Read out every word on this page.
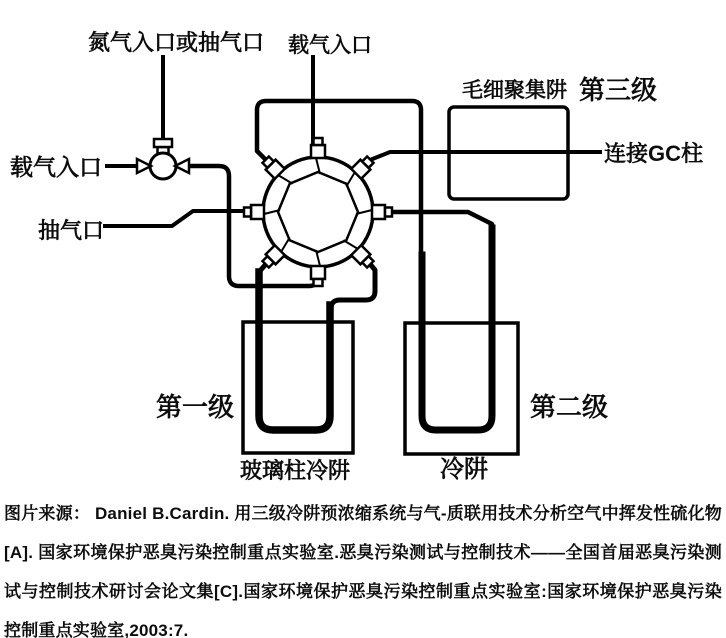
氮气入口或抽气口 载气入口
载气入口
抽气口
毛细聚集阱 第三级
连接GC柱
第一级	第二级
玻璃柱冷阱	冷阱
图片来源： Daniel B.Cardin. 用三级冷阱预浓缩系统与气-质联用技术分析空气中挥发性硫化物[A]. 国家环境保护恶臭污染控制重点实验室.恶臭污染测试与控制技术——全国首届恶臭污染测试与控制技术研讨会论文集[C].国家环境保护恶臭污染控制重点实验室:国家环境保护恶臭污染控制重点实验室,2003:7.
